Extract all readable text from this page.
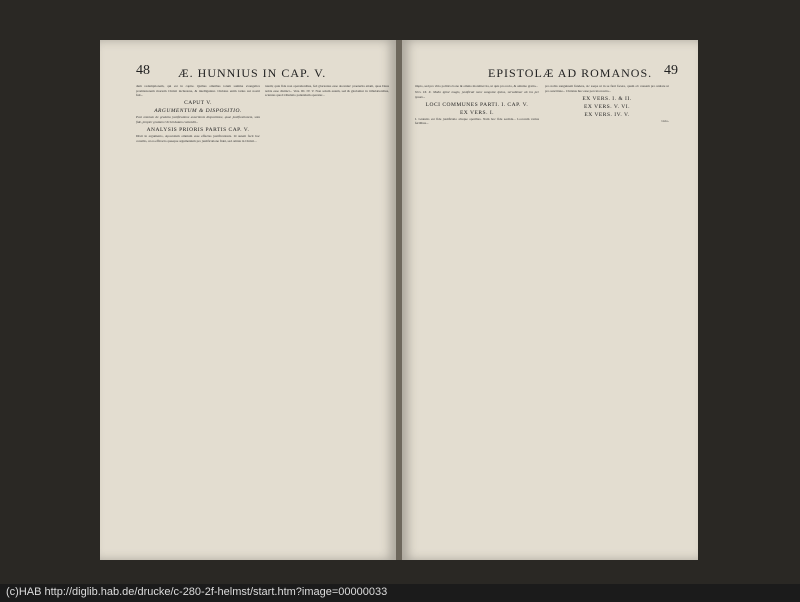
48 Æ. HUNNIUS IN CAP. V.

dum redemptionem, qui est in capite. Quibus omnibus totum summa evangelica promissionem mortem Christi inclusione, & intelliguntur. Christus enim totius sui nostri fuit...

CAPUT V.
ARGUMENTUM & DISPOSITIO.

Post omnium de gratuita justificatione assertionis dispositione, quae justificationem, sola fide, propter gratiam Christi datam contendit...

ANALYSIS PRIORIS PARTIS CAP. V.

Dixit in argumento, Apostolum omnium esse effectus justificationis. Id autem facit hoc consilio, ut ea efficacia quaeque argumentum pro justificatione fidei, sed omnia in Christi...

tutem; quia fide non operationibus, fed gloriosius esse docentur: praeterita etiam, quae Deus nobis esse distinct... Vers. III. IV. V. Non solum autem, sed & gloriamur in tribulationibus, scientes quod tribulatio patientiam operatur...

EPISTOLÆ AD ROMANOS. 49

impio, sed pro vitio politico bono & omnio moraliter ita, ut quis pro recto, & omnino gratia...

Vers. IX. X. Multo igitur magis, justificati nunc sanguine ipsius, servabimur ab ira per ipsum...

LOCI COMMUNES PARTI. I. CAP. V.
EX VERS. I.

I. Gratuito est fide justificatio absque operibus. Nam hoc fide seolide... Locorum verius ferilibus...

pro nobis sanguinem fundere, sic saepe ut in se fieri facere, quam ob causam pro unitate ut pro sanctitate... Christus huc esse peccata nostra...

EX VERS. I. & II.
EX VERS. V. VI.
EX VERS. IV. V.

victo-

(c)HAB http://diglib.hab.de/drucke/c-280-2f-helmst/start.htm?image=00000033
